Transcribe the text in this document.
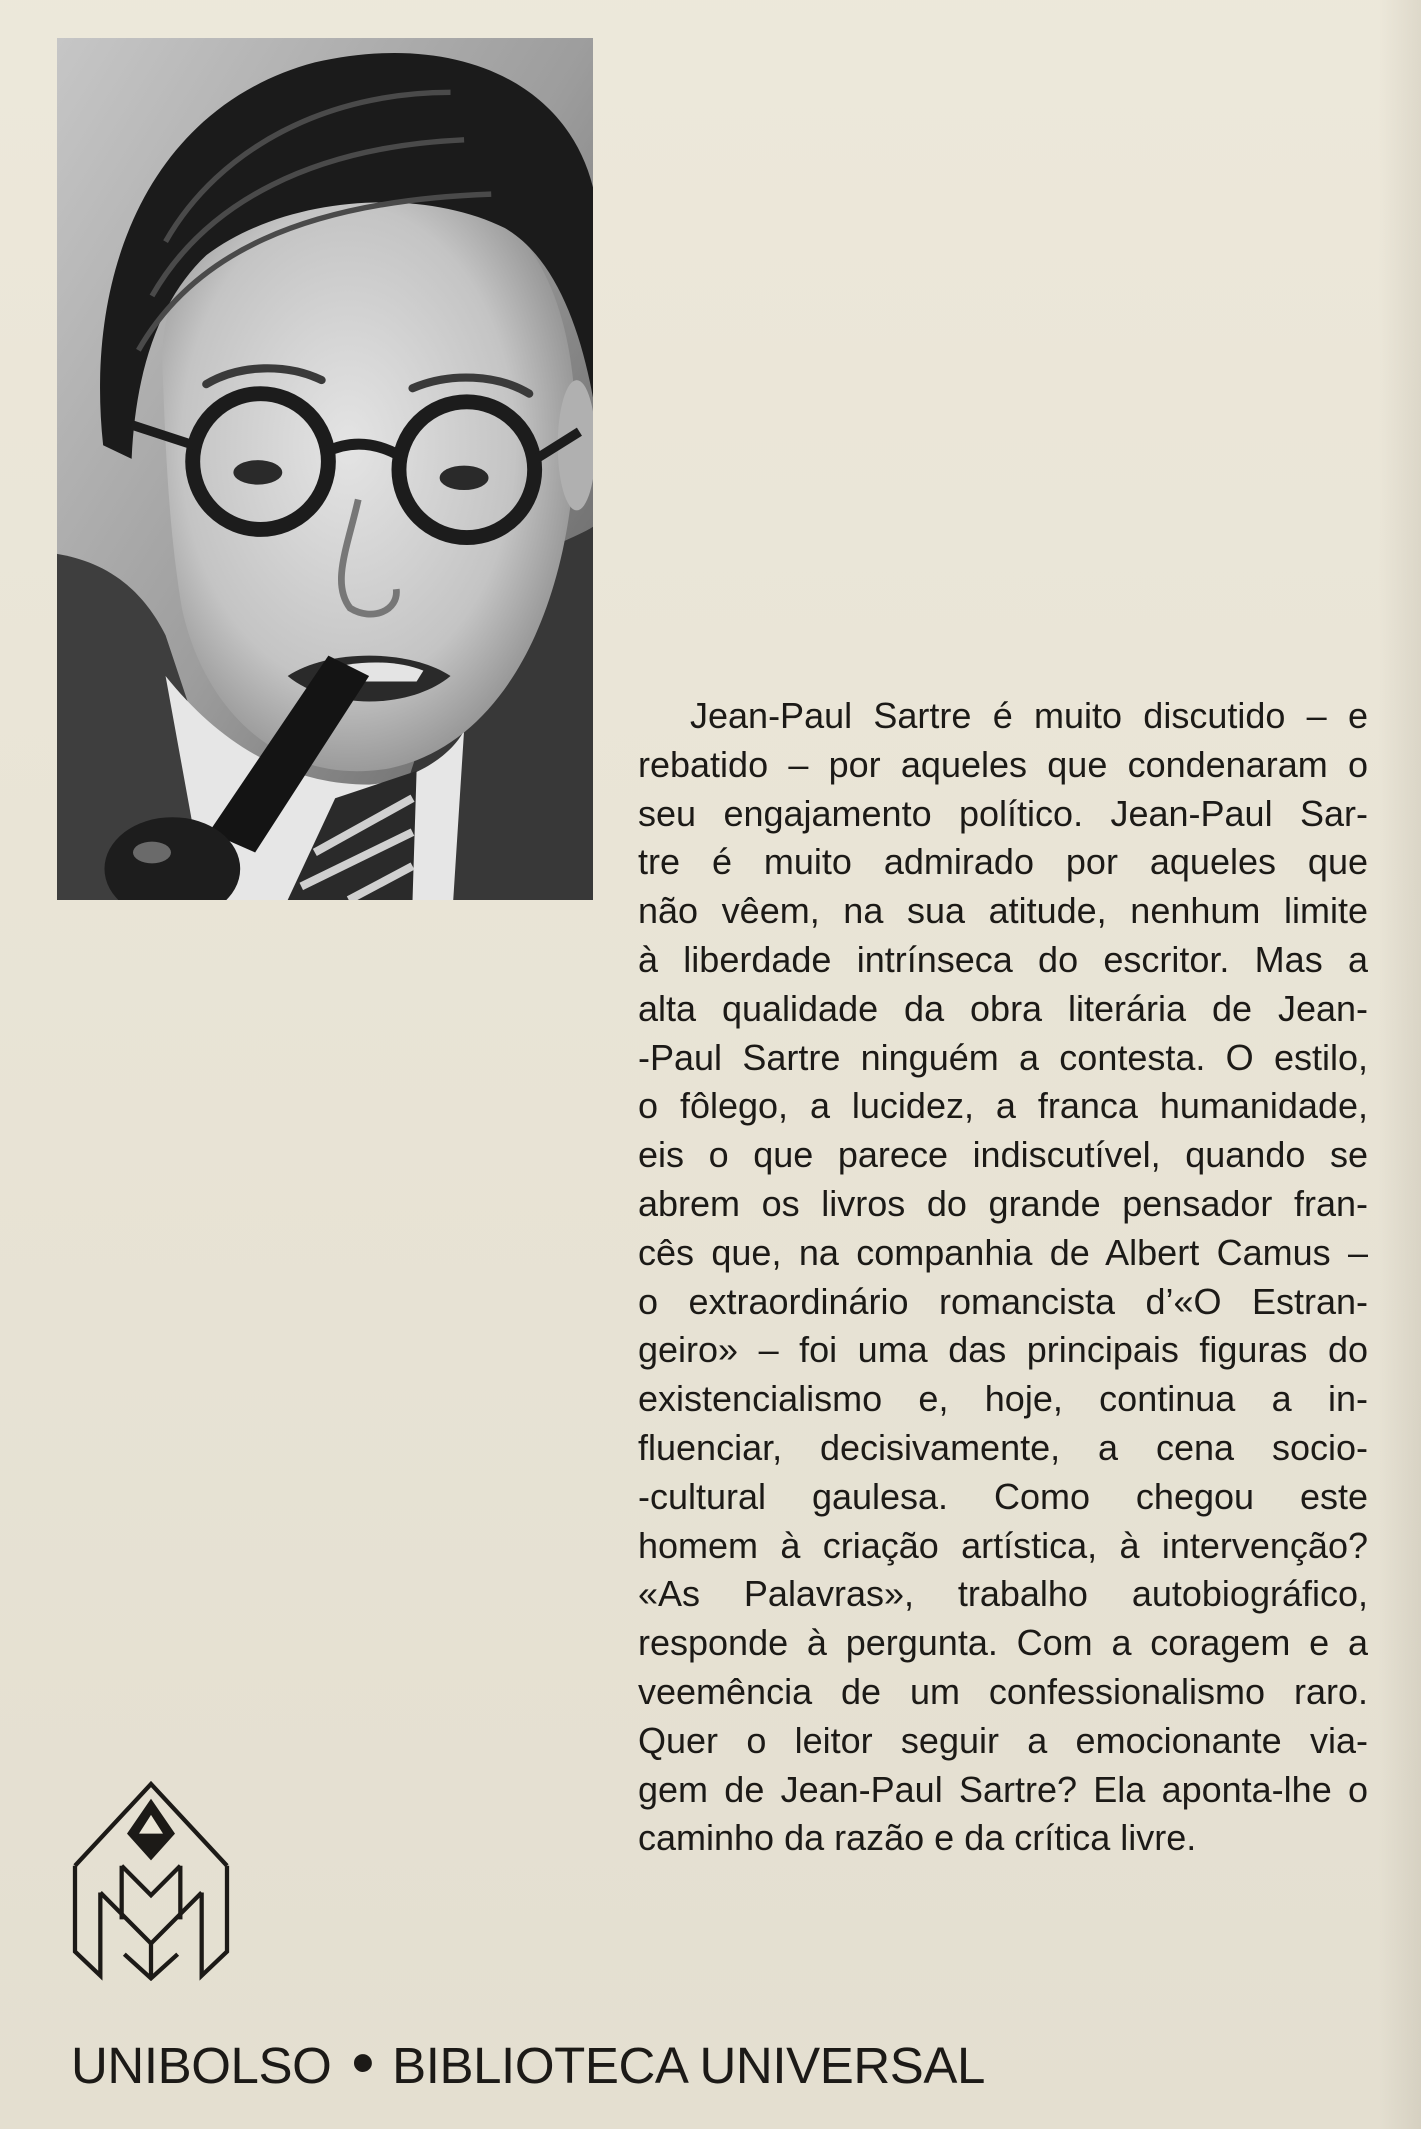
Jean-Paul Sartre é muito discutido – e
rebatido – por aqueles que condenaram o
seu engajamento político. Jean-Paul Sar-
tre é muito admirado por aqueles que
não vêem, na sua atitude, nenhum limite
à liberdade intrínseca do escritor. Mas a
alta qualidade da obra literária de Jean-
-Paul Sartre ninguém a contesta. O estilo,
o fôlego, a lucidez, a franca humanidade,
eis o que parece indiscutível, quando se
abrem os livros do grande pensador fran-
cês que, na companhia de Albert Camus –
o extraordinário romancista d’«O Estran-
geiro» – foi uma das principais figuras do
existencialismo e, hoje, continua a in-
fluenciar, decisivamente, a cena socio-
-cultural gaulesa. Como chegou este
homem à criação artística, à intervenção?
«As Palavras», trabalho autobiográfico,
responde à pergunta. Com a coragem e a
veemência de um confessionalismo raro.
Quer o leitor seguir a emocionante via-
gem de Jean-Paul Sartre? Ela aponta-lhe o
caminho da razão e da crítica livre.
UNIBOLSO • BIBLIOTECA UNIVERSAL
